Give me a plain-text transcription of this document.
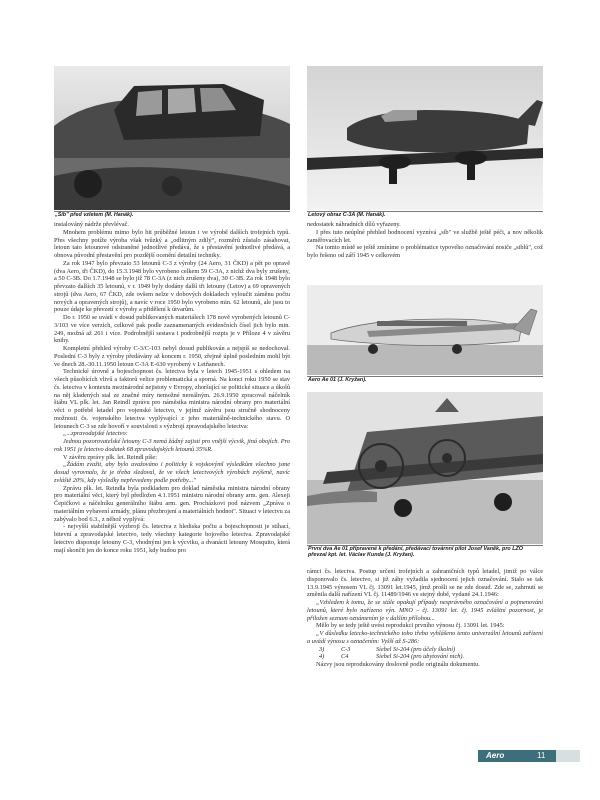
„Síb" před vzletem (M. Hanák).	Letový obraz C-3A (M. Hanák).
Aero Ae 01 (J. Kryžan).
První dva Ae 01 připravené k předání, předávací továrnní pilot Josef Vaněk, pro LZO převzal kpt. let. Václav Kunda (J. Kryžan).

instalováný nádrže převlévač.

Mnohem problému mimo bylo bit průběžné letoun i ve výrobě dalších trofejních typů. Přes všechny potíže výroba však tvůzký a „odlitným zdilý“, rozměrů zůstalo zásahovat, letoun tato letounové odstraněné jednotlivé předává, že s přestavění jednotlivé předává, a obnova původní přestavění pro pozdější ocenění detailní techniky.

Za rok 1947 bylo převzato 53 letounů C-3 z výroby (24 Aero, 31 ČKD) a pět po opravě (dva Aero, tři ČKD), do 15.3.1948 bylo vyrobeno celkem 59 C-3A, z nichž dva byly zrušeny, a 50 C-3B. Do 1.7.1948 se bylo již 78 C-3A (z nich zrušeny dva), 30 C-3B. Za rok 1948 bylo převzato dalších 35 letounů, v r. 1949 byly dodány další tři letouny (Letov) a 69 opravených strojů (dva Aero, 67 ČKD, zde ovšem nelze v dobových dokladech vyloučit záměnu počtu nových a opravených strojů), a navíc v roce 1950 bylo vyrobeno min. 62 letounů, ale jsou to pouze údaje ke převzetí z výroby a přidělení k útvarům.

Do r. 1950 se uvádí v dosud publikovaných materiálech 178 nově vyrobených letounů C-3/103 ve více verzích, celkově pak podle zaznamenaných evidenčních čísel jich bylo min. 249, možná až 261 i více. Podrobnější sestava i podrobnější rozpis je v Příloze 4 v závěru knihy.

Kompletní přehled výroby C-3/C-103 nebyl dosud publikován a nejspíš se nedochoval. Poslední C-3 byly z výroby předávány až koncem r. 1950, zřejmě úplně posledním mohl být ve dnech 28.-30.11.1950 letoun C-3A E-630 vyrobený v Letňanech.

Technické úrovně a bojeschopnost čs. letectva byla v letech 1945-1951 s ohledem na všech působících vlivů a faktorů velice problematická a sporná. Na konci roku 1950 se stav čs. letectva v kontextu mezinárodní nejistoty v Evropy, zhoršující se politické situace a úkolů na něj kladených stal ze značné míry nemožné nereálným. 26.9.1950 zpracoval náčelník štábu VL plk. let. Jan Reindl zprávu pro náměstka ministra národní obrany pro materiální věci o potřebě letadel pro vojenské letectvo, v jejímž závěru jsou stručně shodnoceny možnosti čs. vojenského letectva vyplývající z jeho materiálně-technického stavu. O letounech C-3 se zde hovoří v souvislosti s výzbrojí zpravodajského letectva:

„...zpravodajské letectvo:

Jednou pozorovatelské letouny C-3 nemá žádný zajistí pro vnější výcvik, jiná obojích. Pro rok 1951 je letectvo dodatek 68 zpravodajských letounů 35%R.

V závěru zprávy plk. let. Reindl píše:

„Žádám zvažit, aby bylo uvažováno i politicky k vojskovýml výsledkům všechno jsme dosud vyrovnalo, že je třeba sledoval, že ve všech letectvových výrobách zvýšeně, navíc zvláště 20%, kdy výsledky nepřevedeny podle potřeby..."

Zprávu plk. let. Reindla byla podkladem pro doklad náměstka ministra národní obrany pro materiální věci, který byl předložen 4.1.1951 ministru národní obrany arm. gen. Alexeji Čepičkovi a náčelníku generálního štábu arm. gen. Procházkovi pod názvem „Zpráva o materiálním vybavení armády, plánu přezbrojení a materiálních hodnot". Situaci v letectvu za zabývalo bod 6.3., z něhož vyplývá:

- nejvyšší stabilnější výzbrojí čs. letectva z hlediska počtu a bojeschopnosti je stíhací, bitevní a zpravodajské letectvo, tedy všechny kategorie bojového letectva. Zpravodajské letectvo disponuje letouny C-3, vhodnými jen k výcviku, a dvanácti letouny Mosquito, která mají skončit jen do konce roku 1951, kdy budou pro

nedostatek náhradních dílů vyřazeny.

I přes tuto neúplné přehled hodnocení vyznívá „síb" ve službě ještě péči, a nov několik zaměřovacích let.

Na tomto místě se ještě zmíníme o problématice typového označování nosiče „siblů", což bylo řešeno od září 1945 v celkovém

rámci čs. letectva. Postup určení trofejních a zahraničních typů letadel, jimiž po válce disponovalo čs. letectvo, si již záhy vyžadila sjednocení jejich označování. Stalo se tak 13.9.1945 výnosem VL čj. 13091 let.1945, jímž prošli se ne zde dosud. Zde se, zahrnutí se změnila další nařízení VL čj. 11489/1946 ve stejný době, vydané 24.1.1946:

„Vzhledem k tomu, že se stále opakují případy nesprávného označování a pojmenování letounů, které bylo nařízeno výn. MNO – čj. 13091 let. čj. 1945 zvláštní pozornost, je přiložen seznam oznámením je v dalším přílohou...

Mělo by se tedy ještě uvést reprodukci prvního výnosu čj. 13091 let. 1945:

„V důsledku letecko-technického toho třeba vyhlášeno tento univerzální letounů zařízení a uvádí výnosu s označením: Vyšší až S-286:

3)	C-3	Síebel Si-204 (pro účely školní)
4)	C4	Síebel Si-204 (pro ubytování nich).

Názvy jsou reprodukovány doslovně podle originálu dokumentu.

Aero	11
